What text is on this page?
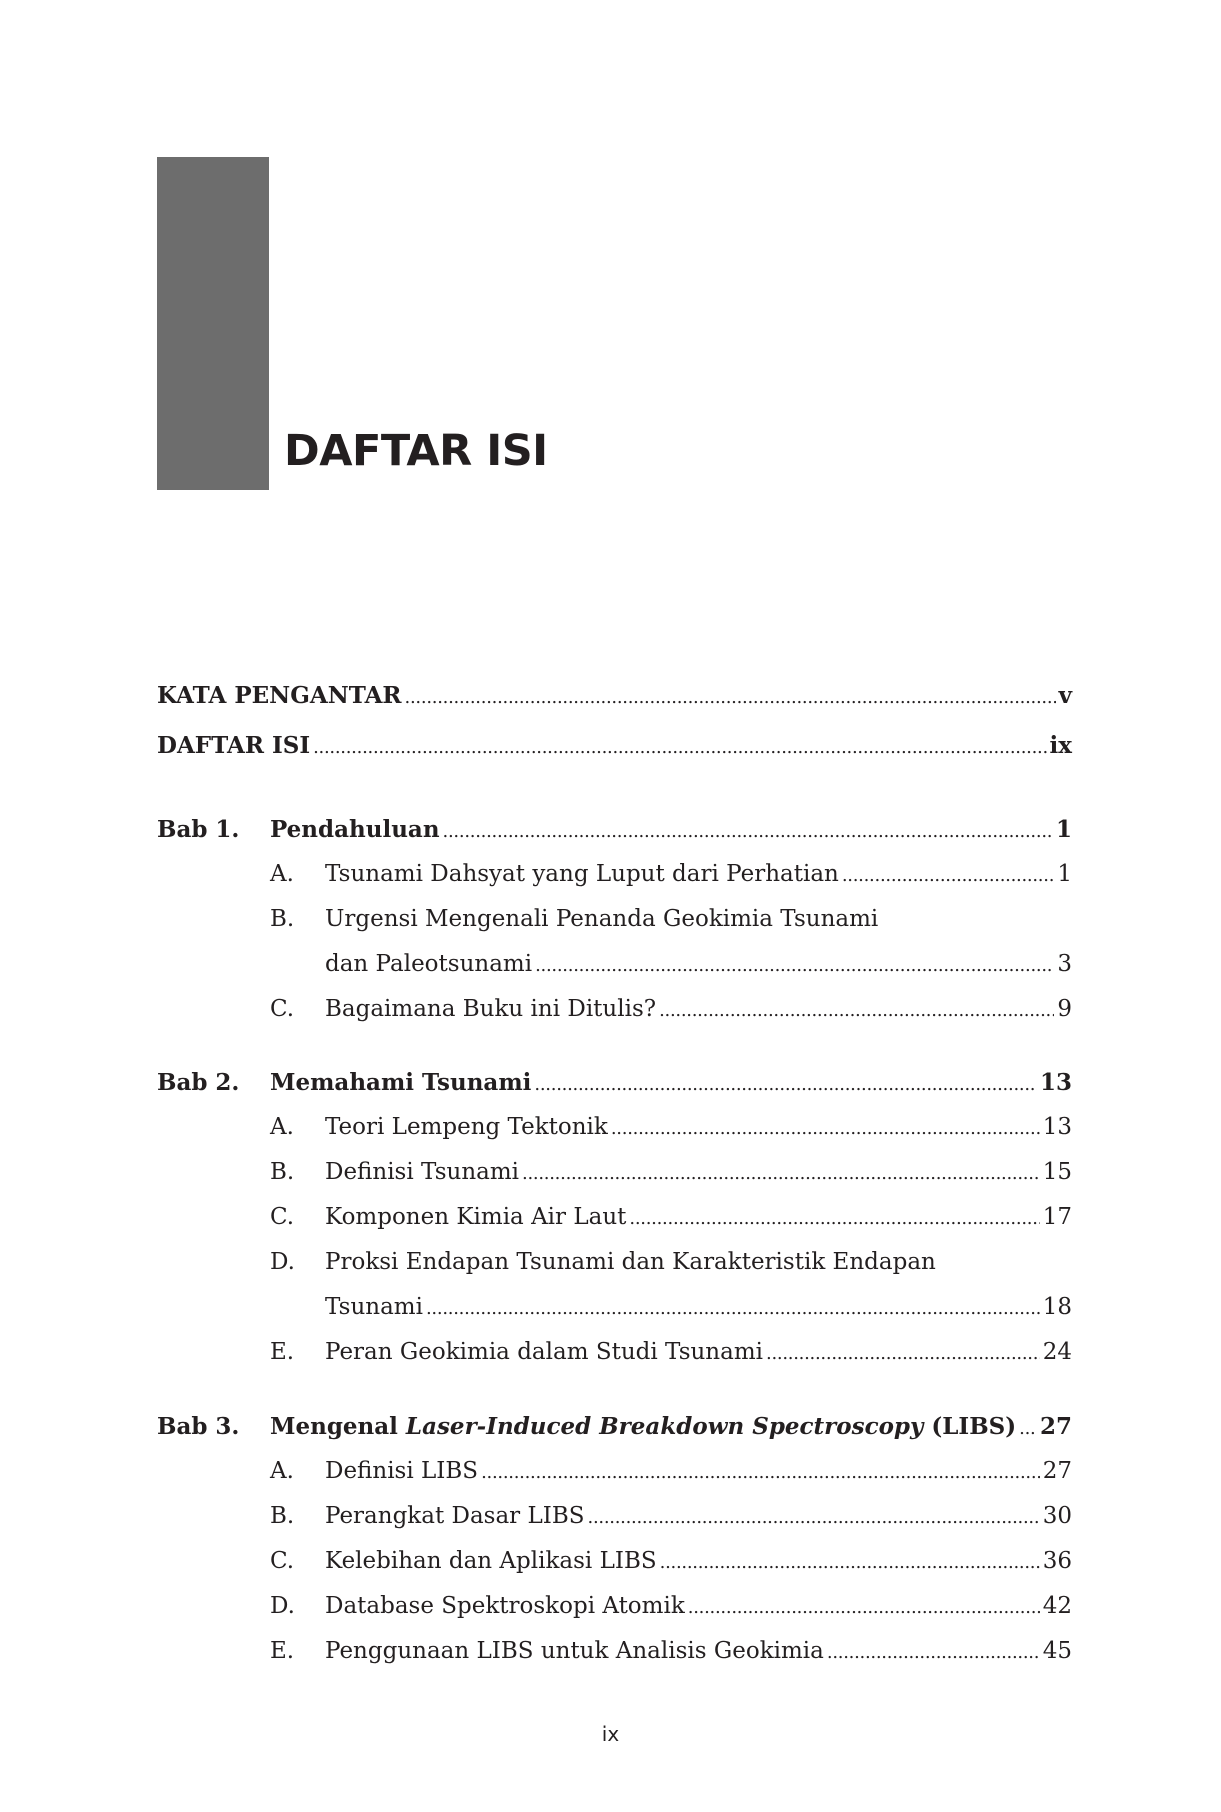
DAFTAR ISI
KATA PENGANTAR . . .	v
DAFTAR ISI . . .	ix
Bab 1. Pendahuluan . . .	1
A. Tsunami Dahsyat yang Luput dari Perhatian . . .	1
B. Urgensi Mengenali Penanda Geokimia Tsunami
dan Paleotsunami . . .	3
C. Bagaimana Buku ini Ditulis? . . .	9
Bab 2. Memahami Tsunami . . .	13
A. Teori Lempeng Tektonik . . .	13
B. Definisi Tsunami . . .	15
C. Komponen Kimia Air Laut . . .	17
D. Proksi Endapan Tsunami dan Karakteristik Endapan
Tsunami . . .	18
E. Peran Geokimia dalam Studi Tsunami . . .	24
Bab 3. Mengenal Laser-Induced Breakdown Spectroscopy (LIBS) . . . 27
A. Definisi LIBS . . .	27
B. Perangkat Dasar LIBS . . .	30
C. Kelebihan dan Aplikasi LIBS . . .	36
D. Database Spektroskopi Atomik . . .	42
E. Penggunaan LIBS untuk Analisis Geokimia . . .	45
ix
